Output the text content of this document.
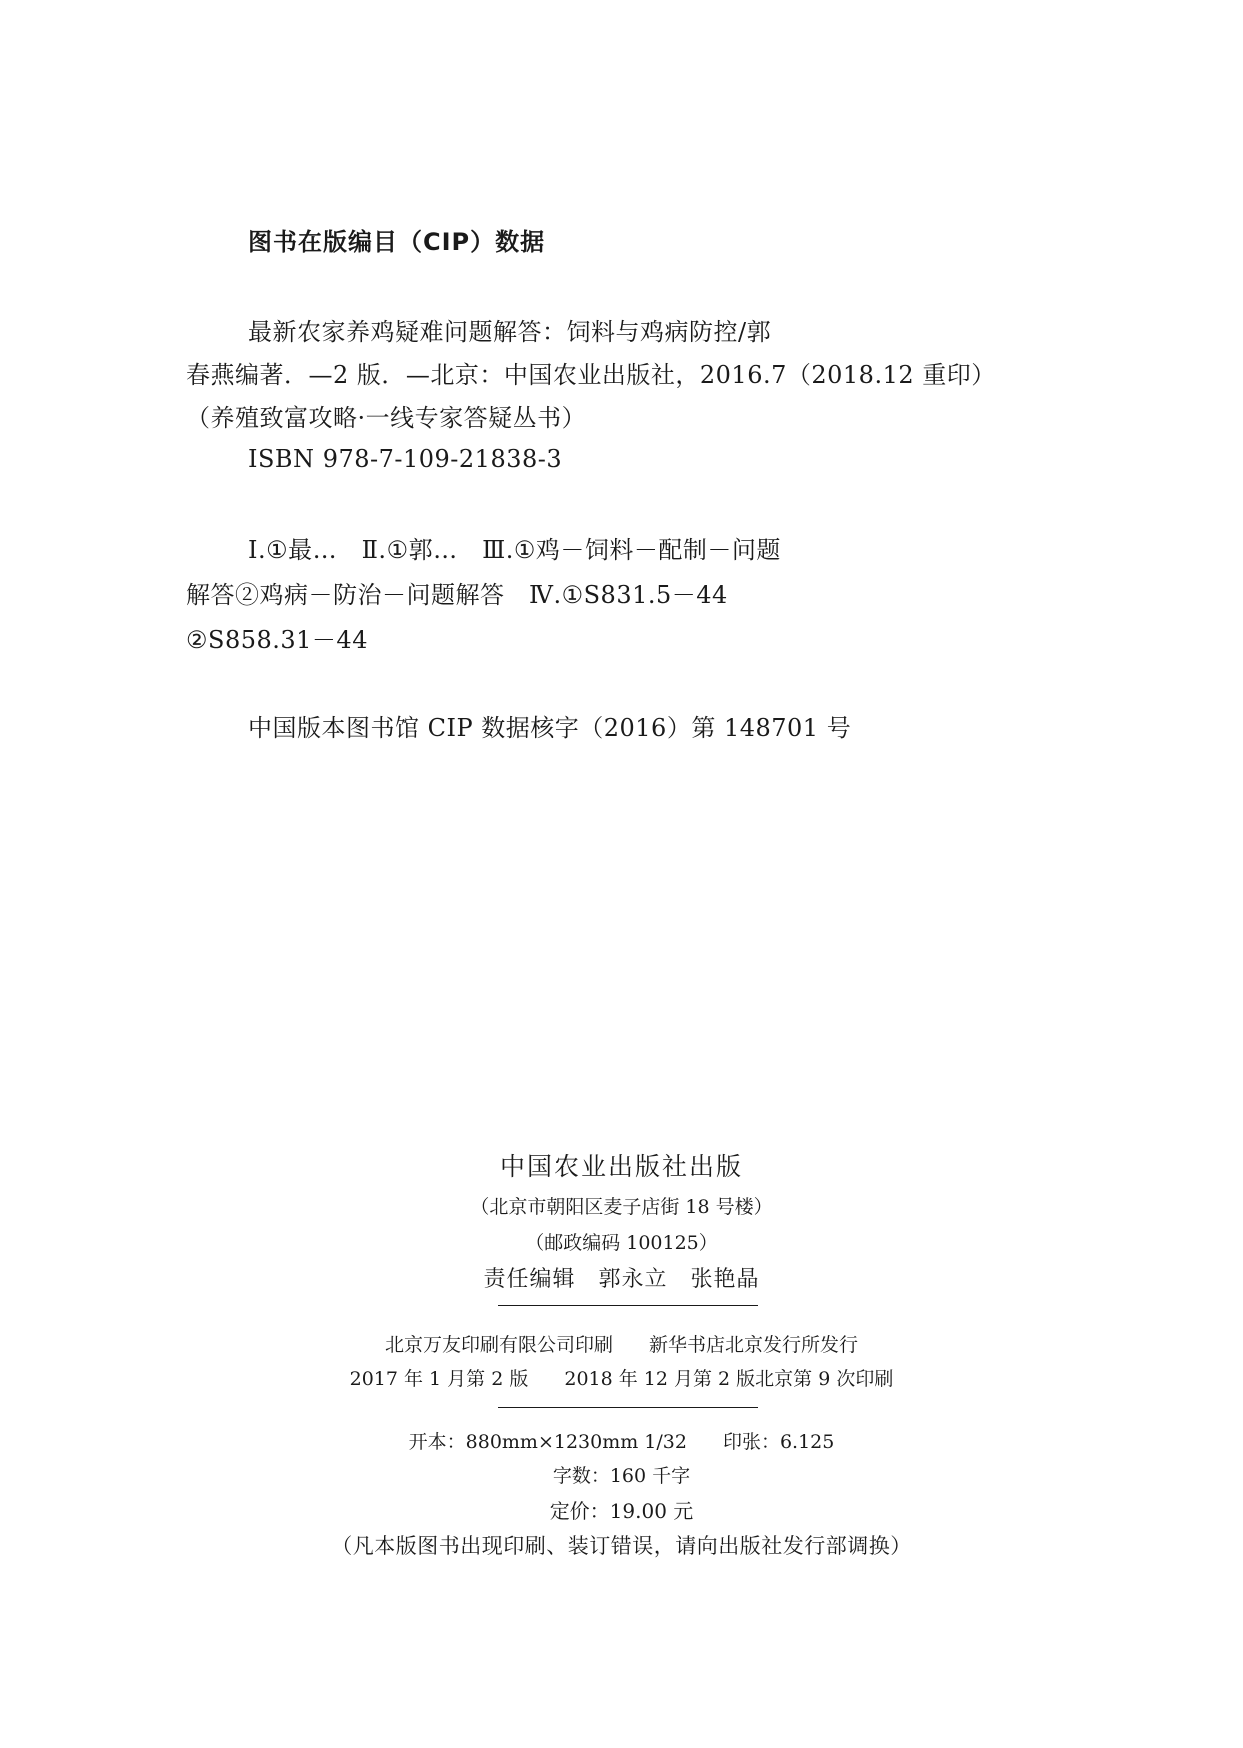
图书在版编目（CIP）数据
最新农家养鸡疑难问题解答：饲料与鸡病防控/郭
春燕编著．—2 版．—北京：中国农业出版社，2016.7（2018.12 重印）
（养殖致富攻略·一线专家答疑丛书）
ISBN 978-7-109-21838-3
Ⅰ.①最…　Ⅱ.①郭…　Ⅲ.①鸡－饲料－配制－问题
解答②鸡病－防治－问题解答　Ⅳ.①S831.5－44
②S858.31－44
中国版本图书馆 CIP 数据核字（2016）第 148701 号
中国农业出版社出版
（北京市朝阳区麦子店街 18 号楼）
（邮政编码 100125）
责任编辑　郭永立　张艳晶
北京万友印刷有限公司印刷 新华书店北京发行所发行
2017 年 1 月第 2 版 2018 年 12 月第 2 版北京第 9 次印刷
开本：880mm×1230mm 1/32 印张：6.125
字数：160 千字
定价：19.00 元
（凡本版图书出现印刷、装订错误，请向出版社发行部调换）
